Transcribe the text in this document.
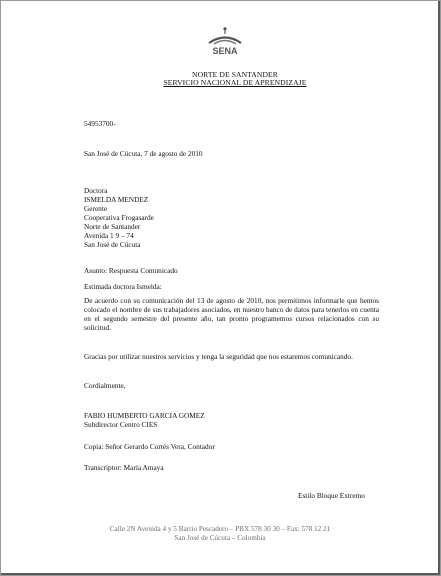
SENA
NORTE DE SANTANDER
SERVICIO NACIONAL DE APRENDIZAJE
54953700-
San José de Cúcuta, 7 de agosto de 2010
Doctora
ISMELDA MENDEZ
Gerente
Cooperativa Frogasarde
Norte de Santander
Avenida 1 9 – 74
San José de Cúcuta
Asunto: Respuesta Comunicado
Estimada doctora Ismelda:

De acuerdo con su comunicación del 13 de agosto de 2010, nos permitimos informarle que hemos colocado el nombre de sus trabajadores asociados, en nuestro banco de datos para tenerlos en cuenta en el segundo semestre del presente año, tan pronto programemos cursos relacionados con su solicitud.

Gracias por utilizar nuestros servicios y tenga la seguridad que nos estaremos comunicando.

Cordialmente,
FABIO HUMBERTO GARCIA GOMEZ
Subdirector Centro CIES
Copia: Señor Gerardo Cortés Vera, Contador
Transcriptor: María Amaya
Estilo Bloque Extremo
Calle 2N Avenida 4 y 5 Barrio Pescadero – PBX 578 30 30 – Fax: 578 12 21
San José de Cúcuta – Colombia
